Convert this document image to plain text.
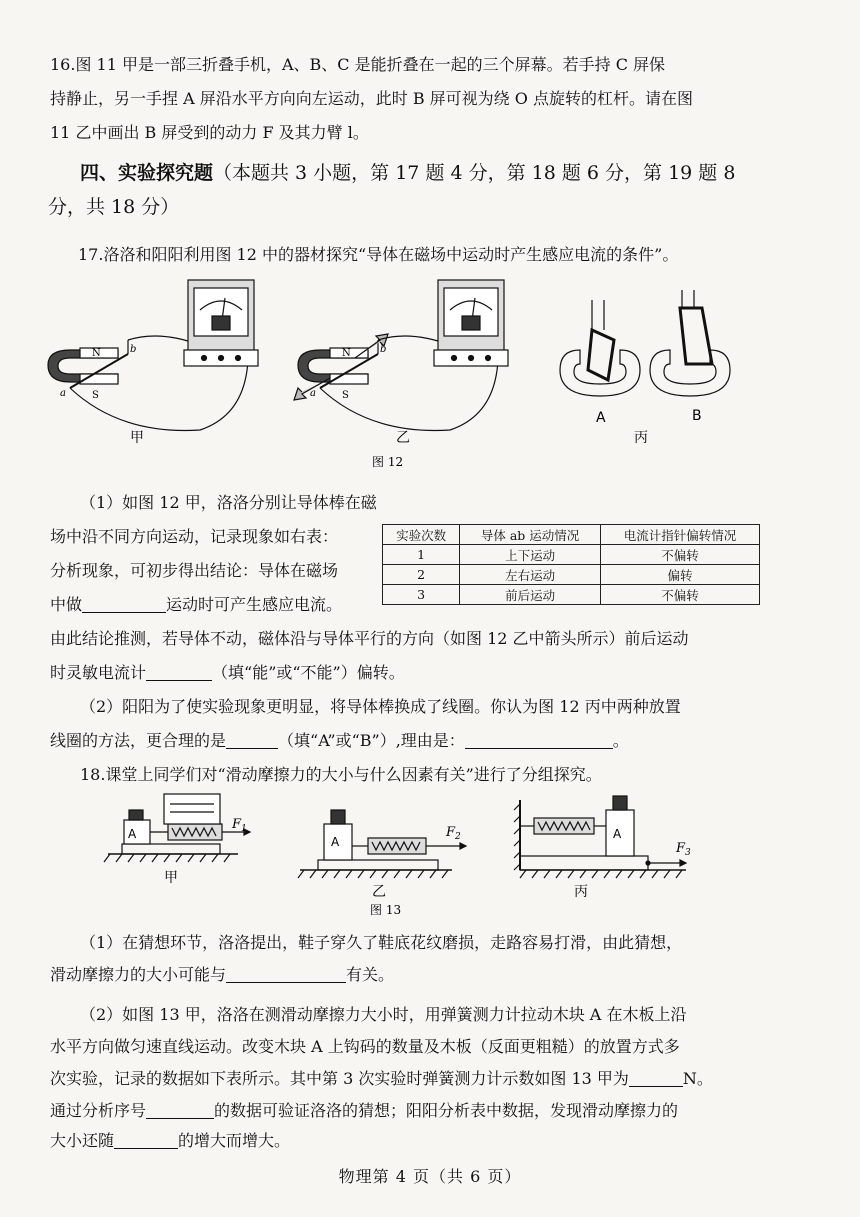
16.图 11 甲是一部三折叠手机，A、B、C 是能折叠在一起的三个屏幕。若手持 C 屏保
持静止，另一手捏 A 屏沿水平方向向左运动，此时 B 屏可视为绕 O 点旋转的杠杆。请在图
11 乙中画出 B 屏受到的动力 F 及其力臂 l。
四、实验探究题（本题共 3 小题，第 17 题 4 分，第 18 题 6 分，第 19 题 8
分，共 18 分）
17.洛洛和阳阳利用图 12 中的器材探究“导体在磁场中运动时产生感应电流的条件”。
N
S
a
b
甲
N
S
a
b
乙
A	B
丙
图 12
（1）如图 12 甲，洛洛分别让导体棒在磁
场中沿不同方向运动，记录现象如右表：
分析现象，可初步得出结论：导体在磁场
中做	运动时可产生感应电流。
实验次数	导体 ab 运动情况	电流计指针偏转情况
1	上下运动	不偏转
2	左右运动	偏转
3	前后运动	不偏转
由此结论推测，若导体不动，磁体沿与导体平行的方向（如图 12 乙中箭头所示）前后运动
时灵敏电流计	（填“能”或“不能”）偏转。
（2）阳阳为了使实验现象更明显，将导体棒换成了线圈。你认为图 12 丙中两种放置
线圈的方法，更合理的是	（填“A”或“B”）,理由是：	。
18.课堂上同学们对“滑动摩擦力的大小与什么因素有关”进行了分组探究。
A
$F_1$
甲
A
$F_2$
乙
A
$F_3$
丙
图 13
（1）在猜想环节，洛洛提出，鞋子穿久了鞋底花纹磨损，走路容易打滑，由此猜想，
滑动摩擦力的大小可能与	有关。
（2）如图 13 甲，洛洛在测滑动摩擦力大小时，用弹簧测力计拉动木块 A 在木板上沿
水平方向做匀速直线运动。改变木块 A 上钩码的数量及木板（反面更粗糙）的放置方式多
次实验，记录的数据如下表所示。其中第 3 次实验时弹簧测力计示数如图 13 甲为	N。
通过分析序号	的数据可验证洛洛的猜想；阳阳分析表中数据，发现滑动摩擦力的
大小还随	的增大而增大。
物理第 4 页（共 6 页）
